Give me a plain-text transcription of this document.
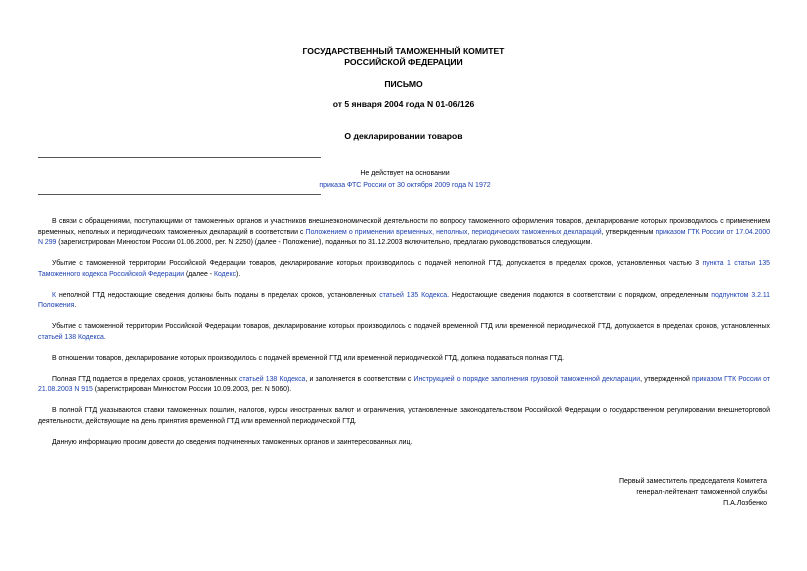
ГОСУДАРСТВЕННЫЙ ТАМОЖЕННЫЙ КОМИТЕТ
РОССИЙСКОЙ ФЕДЕРАЦИИ
ПИСЬМО
от 5 января 2004 года N 01-06/126
О декларировании товаров
Не действует на основании
приказа ФТС России от 30 октября 2009 года N 1972

В связи с обращениями, поступающими от таможенных органов и участников внешнеэкономической деятельности по вопросу таможенного оформления товаров, декларирование которых производилось с применением временных, неполных и периодических таможенных деклараций в соответствии с Положением о применении временных, неполных, периодических таможенных деклараций, утвержденным приказом ГТК России от 17.04.2000 N 299 (зарегистрирован Минюстом России 01.06.2000, рег. N 2250) (далее - Положение), поданных по 31.12.2003 включительно, предлагаю руководствоваться следующим.

Убытие с таможенной территории Российской Федерации товаров, декларирование которых производилось с подачей неполной ГТД, допускается в пределах сроков, установленных частью 3 пункта 1 статьи 135 Таможенного кодекса Российской Федерации (далее - Кодекс).

К неполной ГТД недостающие сведения должны быть поданы в пределах сроков, установленных статьей 135 Кодекса. Недостающие сведения подаются в соответствии с порядком, определенным подпунктом 3.2.11 Положения.

Убытие с таможенной территории Российской Федерации товаров, декларирование которых производилось с подачей временной ГТД или временной периодической ГТД, допускается в пределах сроков, установленных статьей 138 Кодекса.

В отношении товаров, декларирование которых производилось с подачей временной ГТД или временной периодической ГТД, должна подаваться полная ГТД.

Полная ГТД подается в пределах сроков, установленных статьей 138 Кодекса, и заполняется в соответствии с Инструкцией о порядке заполнения грузовой таможенной декларации, утвержденной приказом ГТК России от 21.08.2003 N 915 (зарегистрирован Минюстом России 10.09.2003, рег. N 5060).

В полной ГТД указываются ставки таможенных пошлин, налогов, курсы иностранных валют и ограничения, установленные законодательством Российской Федерации о государственном регулировании внешнеторговой деятельности, действующие на день принятия временной ГТД или временной периодической ГТД.

Данную информацию просим довести до сведения подчиненных таможенных органов и заинтересованных лиц.

Первый заместитель председателя Комитета
генерал-лейтенант таможенной службы
П.А.Лозбенко
